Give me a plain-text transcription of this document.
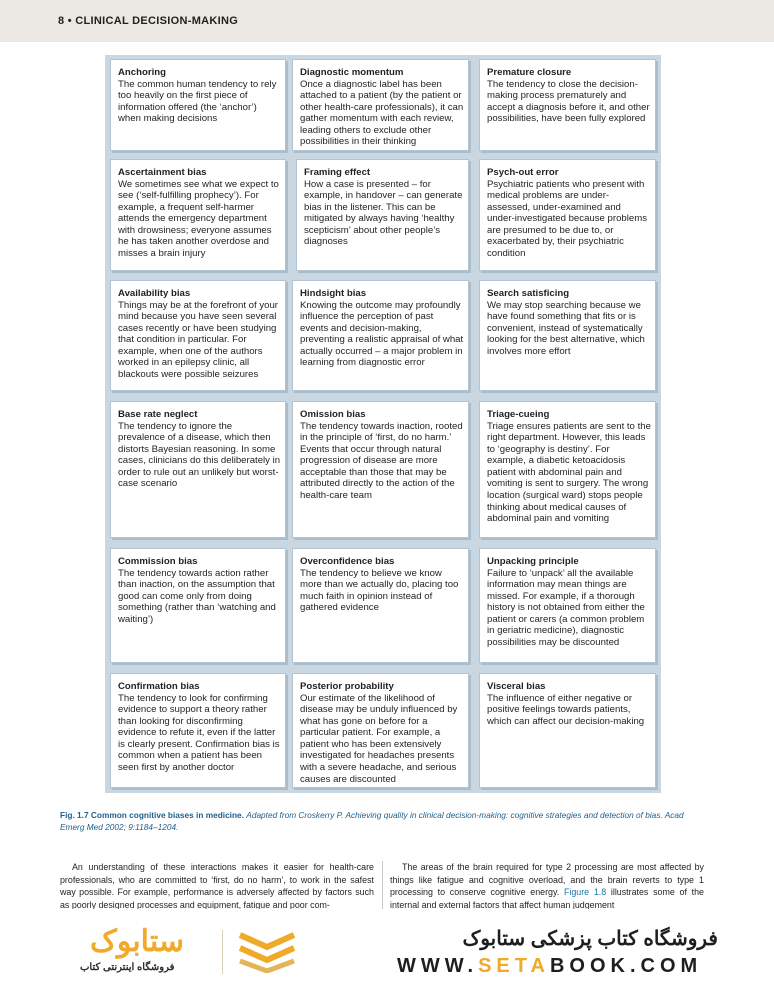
8 • CLINICAL DECISION-MAKING
Anchoring
The common human tendency to rely too heavily on the first piece of information offered (the ‘anchor’) when making decisions
Diagnostic momentum
Once a diagnostic label has been attached to a patient (by the patient or other health-care professionals), it can gather momentum with each review, leading others to exclude other possibilities in their thinking
Premature closure
The tendency to close the decision-making process prematurely and accept a diagnosis before it, and other possibilities, have been fully explored
Ascertainment bias
We sometimes see what we expect to see (‘self-fulfilling prophecy’). For example, a frequent self-harmer attends the emergency department with drowsiness; everyone assumes he has taken another overdose and misses a brain injury
Framing effect
How a case is presented – for example, in handover – can generate bias in the listener. This can be mitigated by always having ‘healthy scepticism’ about other people’s diagnoses
Psych-out error
Psychiatric patients who present with medical problems are under-assessed, under-examined and under-investigated because problems are presumed to be due to, or exacerbated by, their psychiatric condition
Availability bias
Things may be at the forefront of your mind because you have seen several cases recently or have been studying that condition in particular. For example, when one of the authors worked in an epilepsy clinic, all blackouts were possible seizures
Hindsight bias
Knowing the outcome may profoundly influence the perception of past events and decision-making, preventing a realistic appraisal of what actually occurred – a major problem in learning from diagnostic error
Search satisficing
We may stop searching because we have found something that fits or is convenient, instead of systematically looking for the best alternative, which involves more effort
Base rate neglect
The tendency to ignore the prevalence of a disease, which then distorts Bayesian reasoning. In some cases, clinicians do this deliberately in order to rule out an unlikely but worst-case scenario
Omission bias
The tendency towards inaction, rooted in the principle of ‘first, do no harm.’ Events that occur through natural progression of disease are more acceptable than those that may be attributed directly to the action of the health-care team
Triage-cueing
Triage ensures patients are sent to the right department. However, this leads to ‘geography is destiny’. For example, a diabetic ketoacidosis patient with abdominal pain and vomiting is sent to surgery. The wrong location (surgical ward) stops people thinking about medical causes of abdominal pain and vomiting
Commission bias
The tendency towards action rather than inaction, on the assumption that good can come only from doing something (rather than ‘watching and waiting’)
Overconfidence bias
The tendency to believe we know more than we actually do, placing too much faith in opinion instead of gathered evidence
Unpacking principle
Failure to ‘unpack’ all the available information may mean things are missed. For example, if a thorough history is not obtained from either the patient or carers (a common problem in geriatric medicine), diagnostic possibilities may be discounted
Confirmation bias
The tendency to look for confirming evidence to support a theory rather than looking for disconfirming evidence to refute it, even if the latter is clearly present. Confirmation bias is common when a patient has been seen first by another doctor
Posterior probability
Our estimate of the likelihood of disease may be unduly influenced by what has gone on before for a particular patient. For example, a patient who has been extensively investigated for headaches presents with a severe headache, and serious causes are discounted
Visceral bias
The influence of either negative or positive feelings towards patients, which can affect our decision-making
Fig. 1.7 Common cognitive biases in medicine. Adapted from Croskerry P. Achieving quality in clinical decision-making: cognitive strategies and detection of bias. Acad Emerg Med 2002; 9:1184–1204.
An understanding of these interactions makes it easier for health-care professionals, who are committed to ‘first, do no harm’, to work in the safest way possible. For example, performance is adversely affected by factors such as poorly designed processes and equipment, fatigue and poor com-
The areas of the brain required for type 2 processing are most affected by things like fatigue and cognitive overload, and the brain reverts to type 1 processing to conserve cognitive energy. Figure 1.8 illustrates some of the internal and external factors that affect human judgement
ستابوک
فروشگاه اینترنتی کتاب
فروشگاه کتاب پزشکی ستابوک
WWW.SETABOOK.COM
